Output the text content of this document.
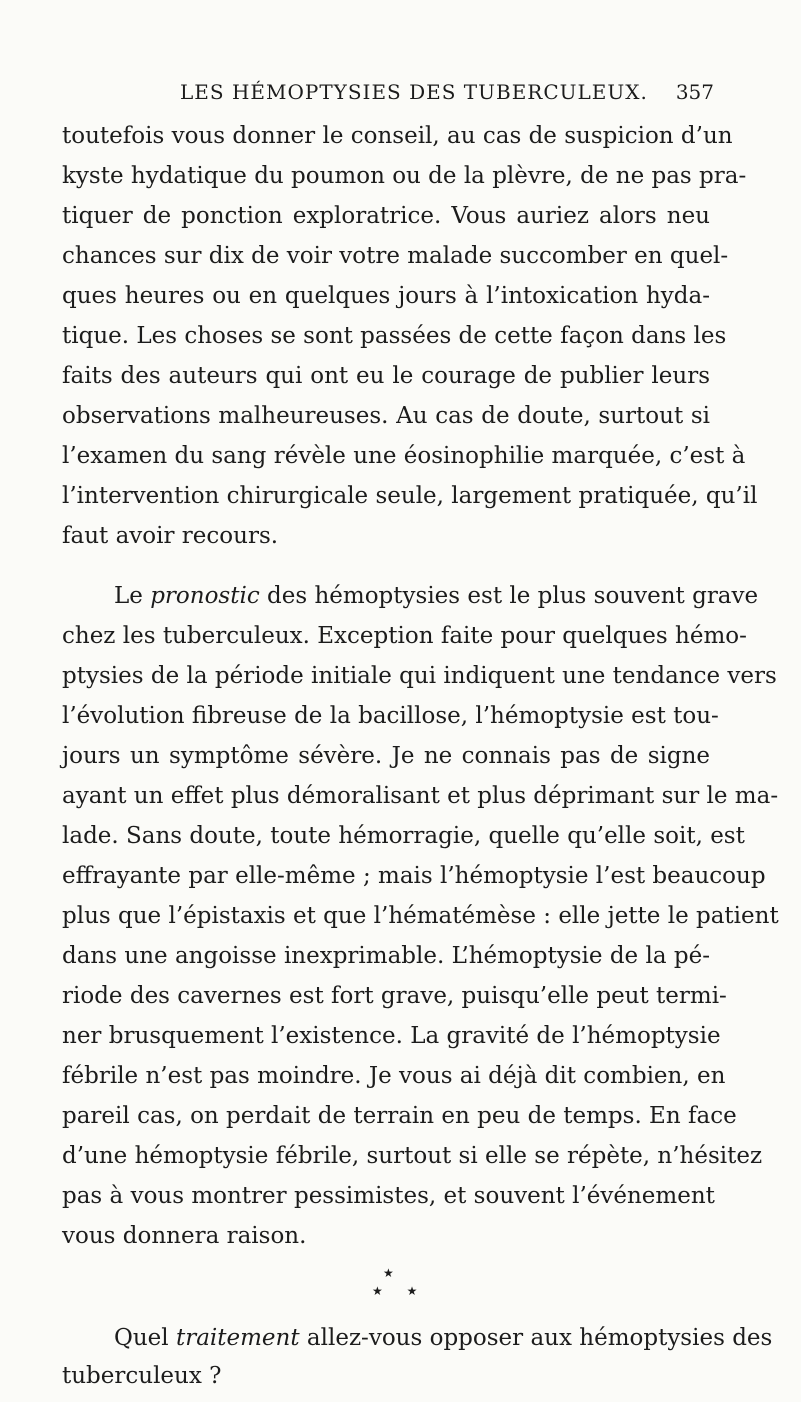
LES HÉMOPTYSIES DES TUBERCULEUX.	357
toutefois vous donner le conseil, au cas de suspicion d’un
kyste hydatique du poumon ou de la plèvre, de ne pas pra-
tiquer de ponction exploratrice. Vous auriez alors neu
chances sur dix de voir votre malade succomber en quel-
ques heures ou en quelques jours à l’intoxication hyda-
tique. Les choses se sont passées de cette façon dans les
faits des auteurs qui ont eu le courage de publier leurs
observations malheureuses. Au cas de doute, surtout si
l’examen du sang révèle une éosinophilie marquée, c’est à
l’intervention chirurgicale seule, largement pratiquée, qu’il
faut avoir recours.
Le pronostic des hémoptysies est le plus souvent grave
chez les tuberculeux. Exception faite pour quelques hémo-
ptysies de la période initiale qui indiquent une tendance vers
l’évolution fibreuse de la bacillose, l’hémoptysie est tou-
jours un symptôme sévère. Je ne connais pas de signe
ayant un effet plus démoralisant et plus déprimant sur le ma-
lade. Sans doute, toute hémorragie, quelle qu’elle soit, est
effrayante par elle-même ; mais l’hémoptysie l’est beaucoup
plus que l’épistaxis et que l’hématémèse : elle jette le patient
dans une angoisse inexprimable. L’hémoptysie de la pé-
riode des cavernes est fort grave, puisqu’elle peut termi-
ner brusquement l’existence. La gravité de l’hémoptysie
fébrile n’est pas moindre. Je vous ai déjà dit combien, en
pareil cas, on perdait de terrain en peu de temps. En face
d’une hémoptysie fébrile, surtout si elle se répète, n’hésitez
pas à vous montrer pessimistes, et souvent l’événement
vous donnera raison.
★
★ ★
Quel traitement allez-vous opposer aux hémoptysies des
tuberculeux ?
